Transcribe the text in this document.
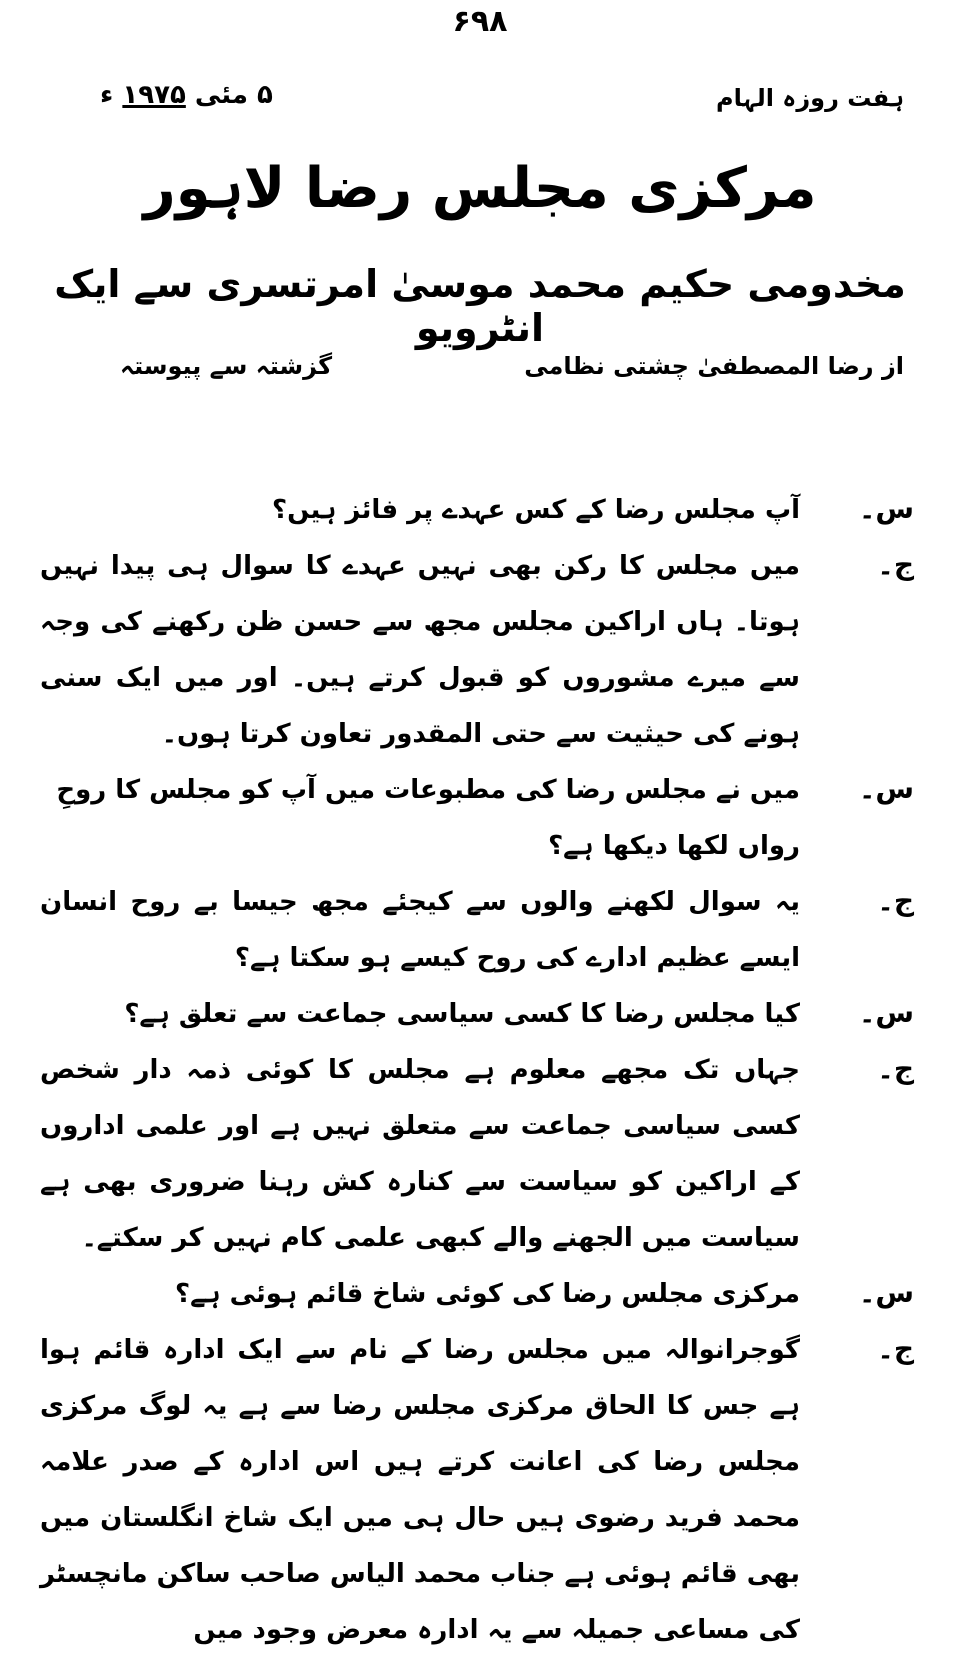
۶۹۸
ہفت روزہ الہام
۵ مئی ۱۹۷۵ ء
مرکزی مجلس رضا لاہور
مخدومی حکیم محمد موسیٰ امرتسری سے ایک انٹرویو
از رضا المصطفیٰ چشتی نظامی
گزشتہ سے پیوستہ
س۔
آپ مجلس رضا کے کس عہدے پر فائز ہیں؟
ج۔
میں مجلس کا رکن بھی نہیں عہدے کا سوال ہی پیدا نہیں ہوتا۔ ہاں اراکین مجلس مجھ سے حسن ظن رکھنے کی وجہ سے میرے مشوروں کو قبول کرتے ہیں۔ اور میں ایک سنی ہونے کی حیثیت سے حتی المقدور تعاون کرتا ہوں۔
س۔
میں نے مجلس رضا کی مطبوعات میں آپ کو مجلس کا روحِ رواں لکھا دیکھا ہے؟
ج۔
یہ سوال لکھنے والوں سے کیجئے مجھ جیسا بے روح انسان ایسے عظیم ادارے کی روح کیسے ہو سکتا ہے؟
س۔
کیا مجلس رضا کا کسی سیاسی جماعت سے تعلق ہے؟
ج۔
جہاں تک مجھے معلوم ہے مجلس کا کوئی ذمہ دار شخص کسی سیاسی جماعت سے متعلق نہیں ہے اور علمی اداروں کے اراکین کو سیاست سے کنارہ کش رہنا ضروری بھی ہے سیاست میں الجھنے والے کبھی علمی کام نہیں کر سکتے۔
س۔
مرکزی مجلس رضا کی کوئی شاخ قائم ہوئی ہے؟
ج۔
گوجرانوالہ میں مجلس رضا کے نام سے ایک ادارہ قائم ہوا ہے جس کا الحاق مرکزی مجلس رضا سے ہے یہ لوگ مرکزی مجلس رضا کی اعانت کرتے ہیں اس ادارہ کے صدر علامہ محمد فرید رضوی ہیں حال ہی میں ایک شاخ انگلستان میں بھی قائم ہوئی ہے جناب محمد الیاس صاحب ساکن مانچسٹر کی مساعی جمیلہ سے یہ ادارہ معرض وجود میں
